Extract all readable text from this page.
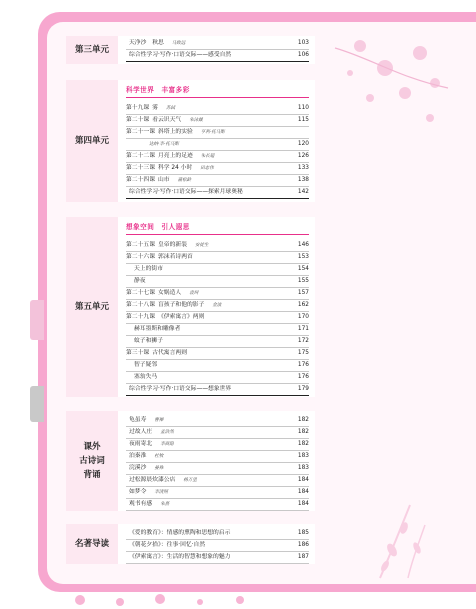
第三单元
天净沙　秋思 马致远	103
综合性学习·写作·口语交际——感受自然	106
第四单元
科学世界　丰富多彩
第十九课 雾 苏轼	110
第二十课 看云识天气 朱泳燚	115
第二十一课 斜塔上的实验 亨利·托马斯
达纳·李·托马斯	120
第二十二课 月亮上的足迹 朱长超	126
第二十三课 科学 24 小时 田志伟	133
第二十四课 山市 蒲松龄	138
综合性学习·写作·口语交际——探索月球奥秘	142
第五单元
想象空间　引人遐思
第二十五课 皇帝的新装 安徒生	146
第二十六课 郭沫若诗两首	153
天上的街市	154
静夜	155
第二十七课 女娲造人 袁珂	157
第二十八课 盲孩子和他的影子 金波	162
第二十九课 《伊索寓言》两则	170
赫耳墨斯和雕像者	171
蚊子和狮子	172
第三十课 古代寓言两则	175
智子疑邻	176
塞翁失马	176
综合性学习·写作·口语交际——想象世界	179
课外
古诗词
背诵
龟虽寿 曹操	182
过故人庄 孟浩然	182
夜雨寄北 李商隐	182
泊秦淮 杜牧	183
浣溪沙 晏殊	183
过松源晨炊漆公店 杨万里	184
如梦令 李清照	184
观书有感 朱熹	184
名著导读
《爱的教育》：情感的熏陶和思想的启示	185
《朝花夕拾》：往事·回忆·自然	186
《伊索寓言》：生活的智慧和想象的魅力	187
